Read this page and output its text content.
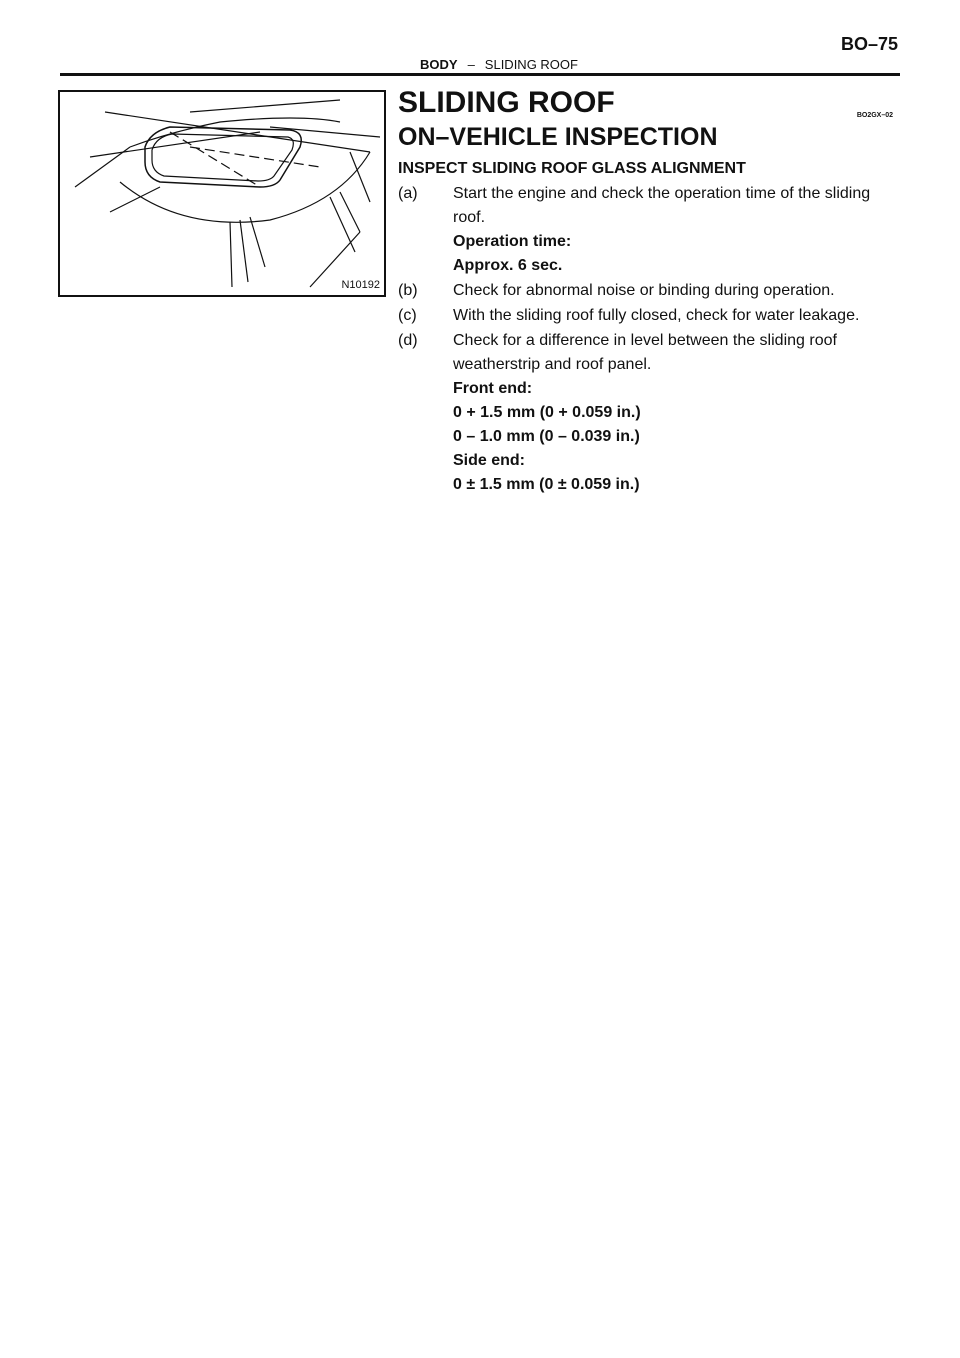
BO–75
BODY – SLIDING ROOF
N10192
SLIDING ROOF	BO2GX–02
ON–VEHICLE INSPECTION
INSPECT SLIDING ROOF GLASS ALIGNMENT
(a) Start the engine and check the operation time of the sliding roof.
Operation time:
Approx. 6 sec.
(b) Check for abnormal noise or binding during operation.
(c) With the sliding roof fully closed, check for water leakage.
(d) Check for a difference in level between the sliding roof weatherstrip and roof panel.
Front end:
0 + 1.5 mm (0 + 0.059 in.)
0 – 1.0 mm (0 – 0.039 in.)
Side end:
0 ± 1.5 mm (0 ± 0.059 in.)
